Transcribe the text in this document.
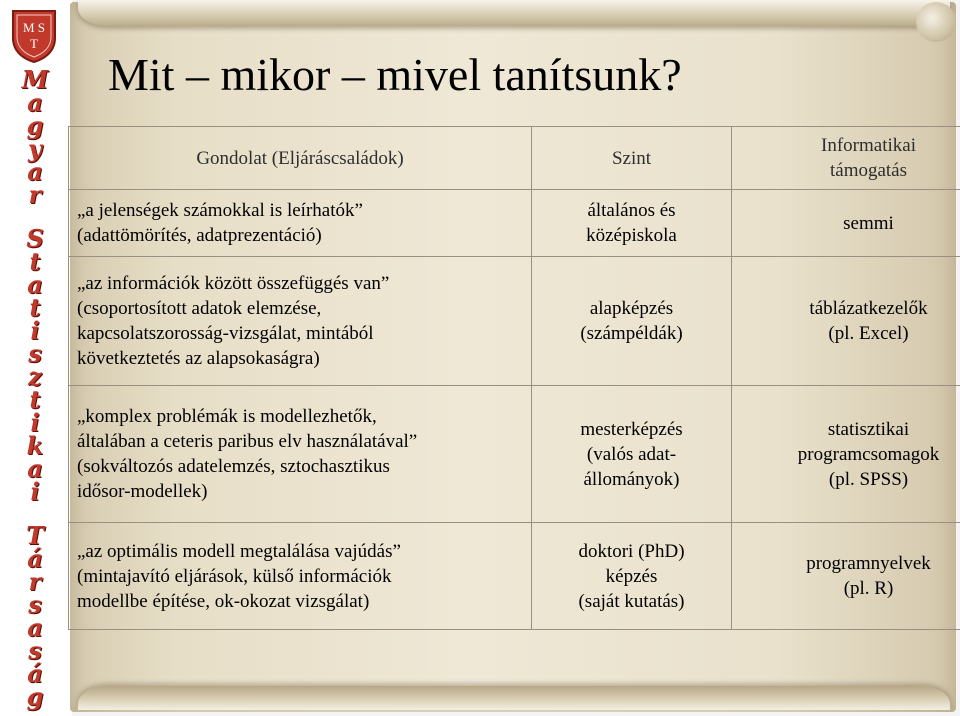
M S
T
M
a
g
y
a
r
S
t
a
t
i
s
z
t
i
k
a
i
T
á
r
s
a
s
á
g
Mit – mikor – mivel tanítsunk?
Gondolat (Eljáráscsaládok)	Szint	Informatikai
támogatás

„a jelenségek számokkal is leírhatók”
(adattömörítés, adatprezentáció)	általános és
középiskola	semmi

„az információk között összefüggés van”
(csoportosított adatok elemzése,
kapcsolatszorosság-vizsgálat, mintából
következtetés az alapsokaságra)	alapképzés
(számpéldák)	táblázatkezelők
(pl. Excel)

„komplex problémák is modellezhetők,
általában a ceteris paribus elv használatával”
(sokváltozós adatelemzés, sztochasztikus
idősor-modellek)	mesterképzés
(valós adat-
állományok)	statisztikai
programcsomagok
(pl. SPSS)

„az optimális modell megtalálása vajúdás”
(mintajavító eljárások, külső információk
modellbe építése, ok-okozat vizsgálat)	doktori (PhD)
képzés
(saját kutatás)	programnyelvek
(pl. R)
